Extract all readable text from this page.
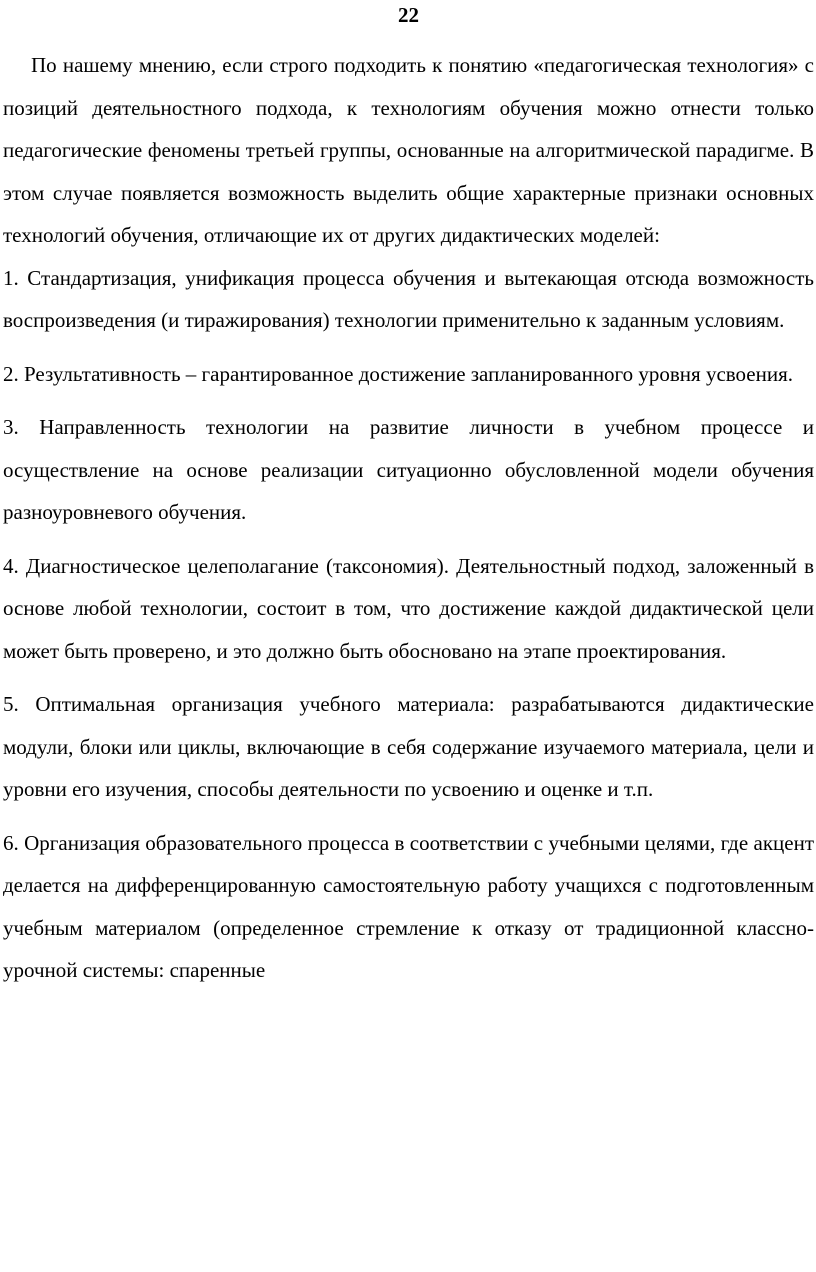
22

По нашему мнению, если строго подходить к понятию «педагогическая технология» с позиций деятельностного подхода, к технологиям обучения можно отнести только педагогические феномены третьей группы, основанные на алгоритмической парадигме. В этом случае появляется возможность выделить общие характерные признаки основных технологий обучения, отличающие их от других дидактических моделей:

1. Стандартизация, унификация процесса обучения и вытекающая отсюда возможность воспроизведения (и тиражирования) технологии применительно к заданным условиям.

2. Результативность – гарантированное достижение запланированного уровня усвоения.

3. Направленность технологии на развитие личности в учебном процессе и осуществление на основе реализации ситуационно обусловленной модели обучения разноуровневого обучения.

4. Диагностическое целеполагание (таксономия). Деятельностный подход, заложенный в основе любой технологии, состоит в том, что достижение каждой дидактической цели может быть проверено, и это должно быть обосновано на этапе проектирования.

5. Оптимальная организация учебного материала: разрабатываются дидактические модули, блоки или циклы, включающие в себя содержание изучаемого материала, цели и уровни его изучения, способы деятельности по усвоению и оценке и т.п.

6. Организация образовательного процесса в соответствии с учебными целями, где акцент делается на дифференцированную самостоятельную работу учащихся с подготовленным учебным материалом (определенное стремление к отказу от традиционной классно-урочной системы: спаренные
